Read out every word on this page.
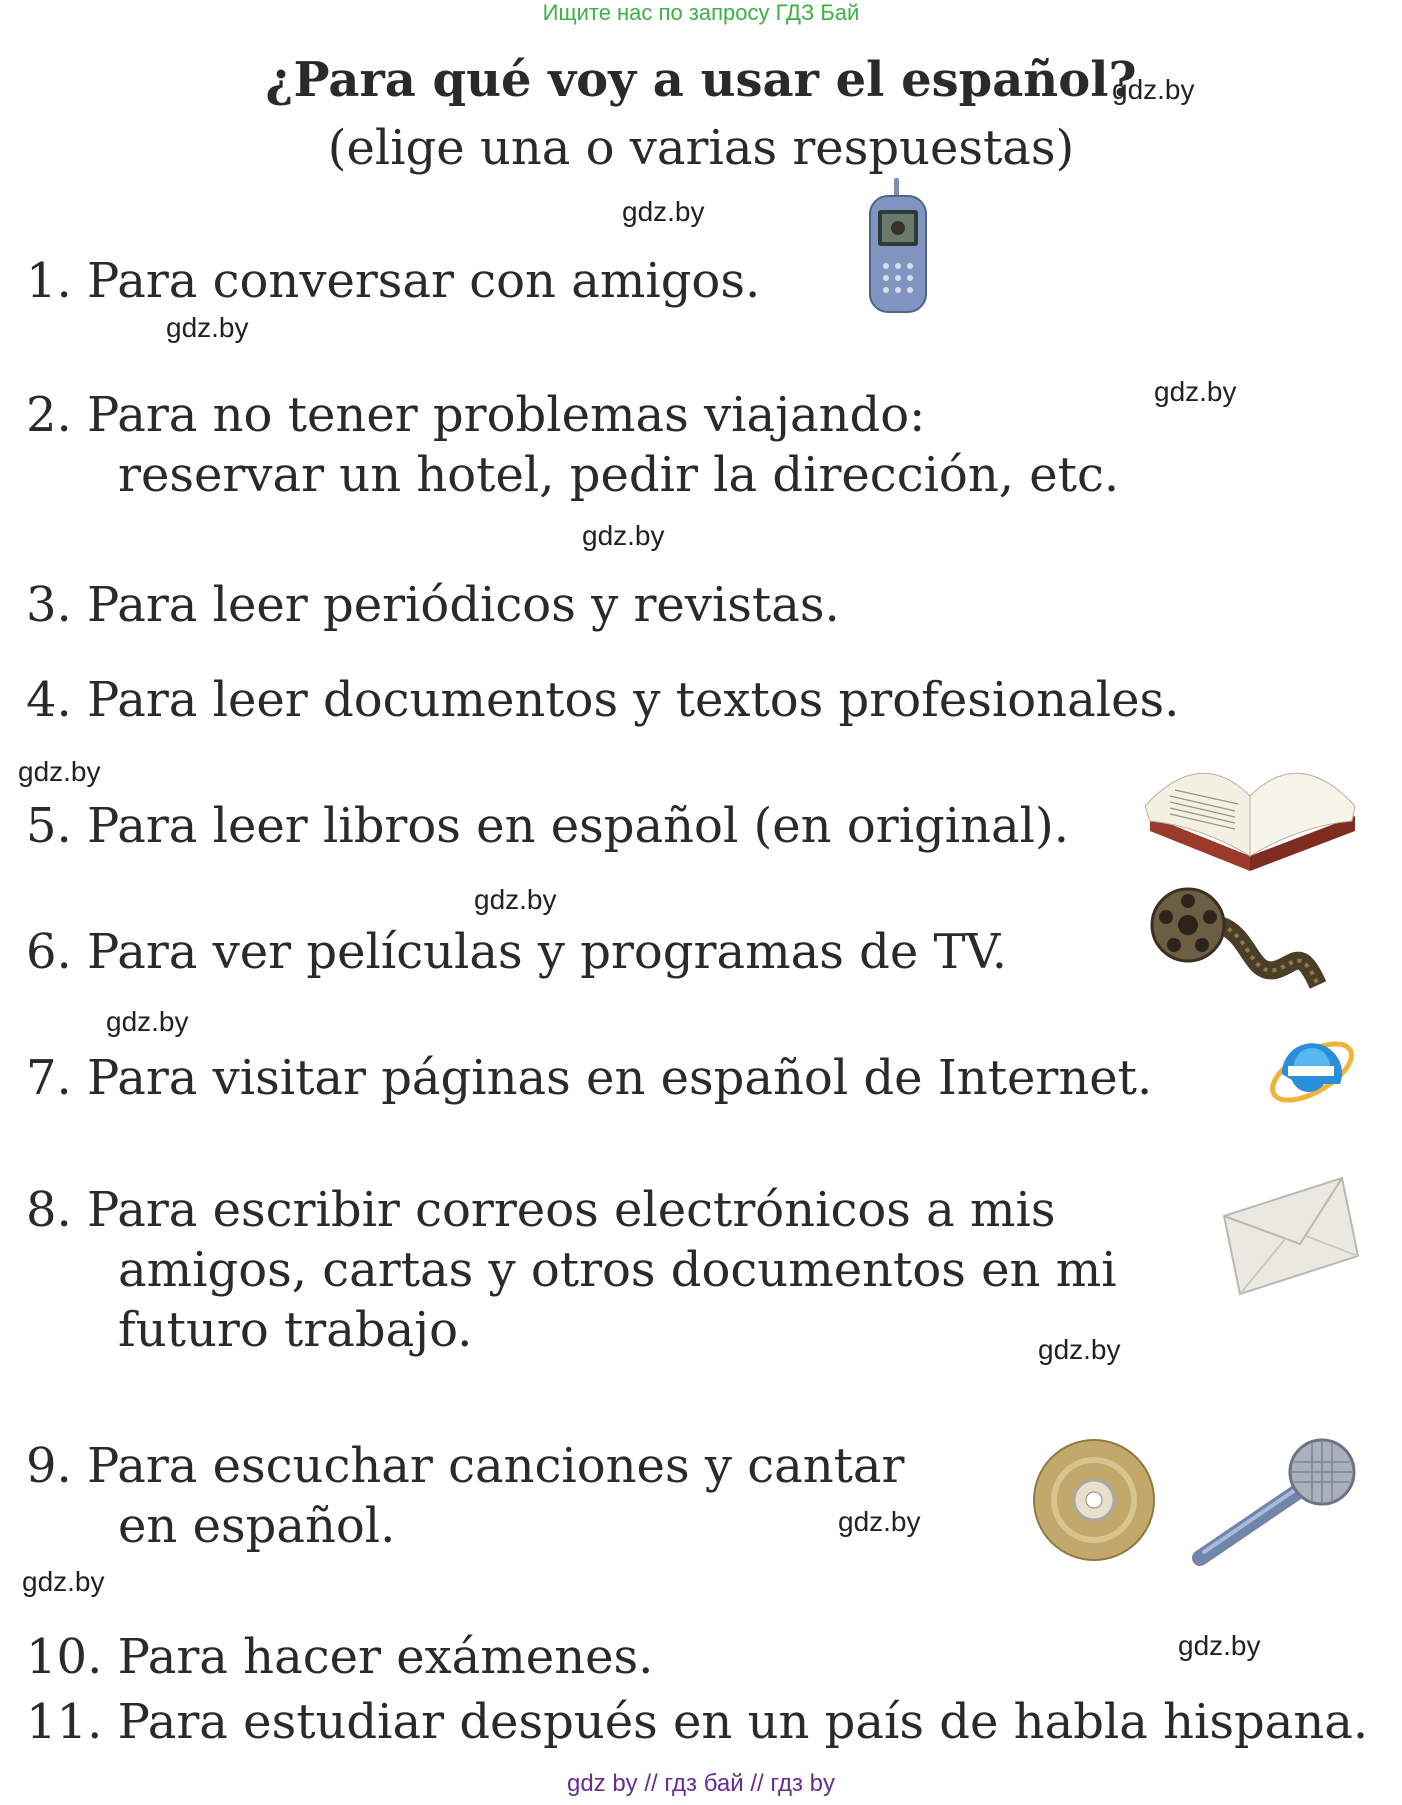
Ищите нас по запросу ГДЗ Бай
¿Para qué voy a usar el español?
(elige una o varias respuestas)
1. Para conversar con amigos.
2. Para no tener problemas viajando:
reservar un hotel, pedir la dirección, etc.
3. Para leer periódicos y revistas.
4. Para leer documentos y textos profesionales.
5. Para leer libros en español (en original).
6. Para ver películas y programas de TV.
7. Para visitar páginas en español de Internet.
8. Para escribir correos electrónicos a mis
amigos, cartas y otros documentos en mi
futuro trabajo.
9. Para escuchar canciones y cantar
en español.
10. Para hacer exámenes.
11. Para estudiar después en un país de habla hispana.
gdz.by
gdz.by
gdz.by
gdz.by
gdz.by
gdz.by
gdz.by
gdz.by
gdz.by
gdz.by
gdz.by
gdz.by
gdz by // гдз бай // гдз by
